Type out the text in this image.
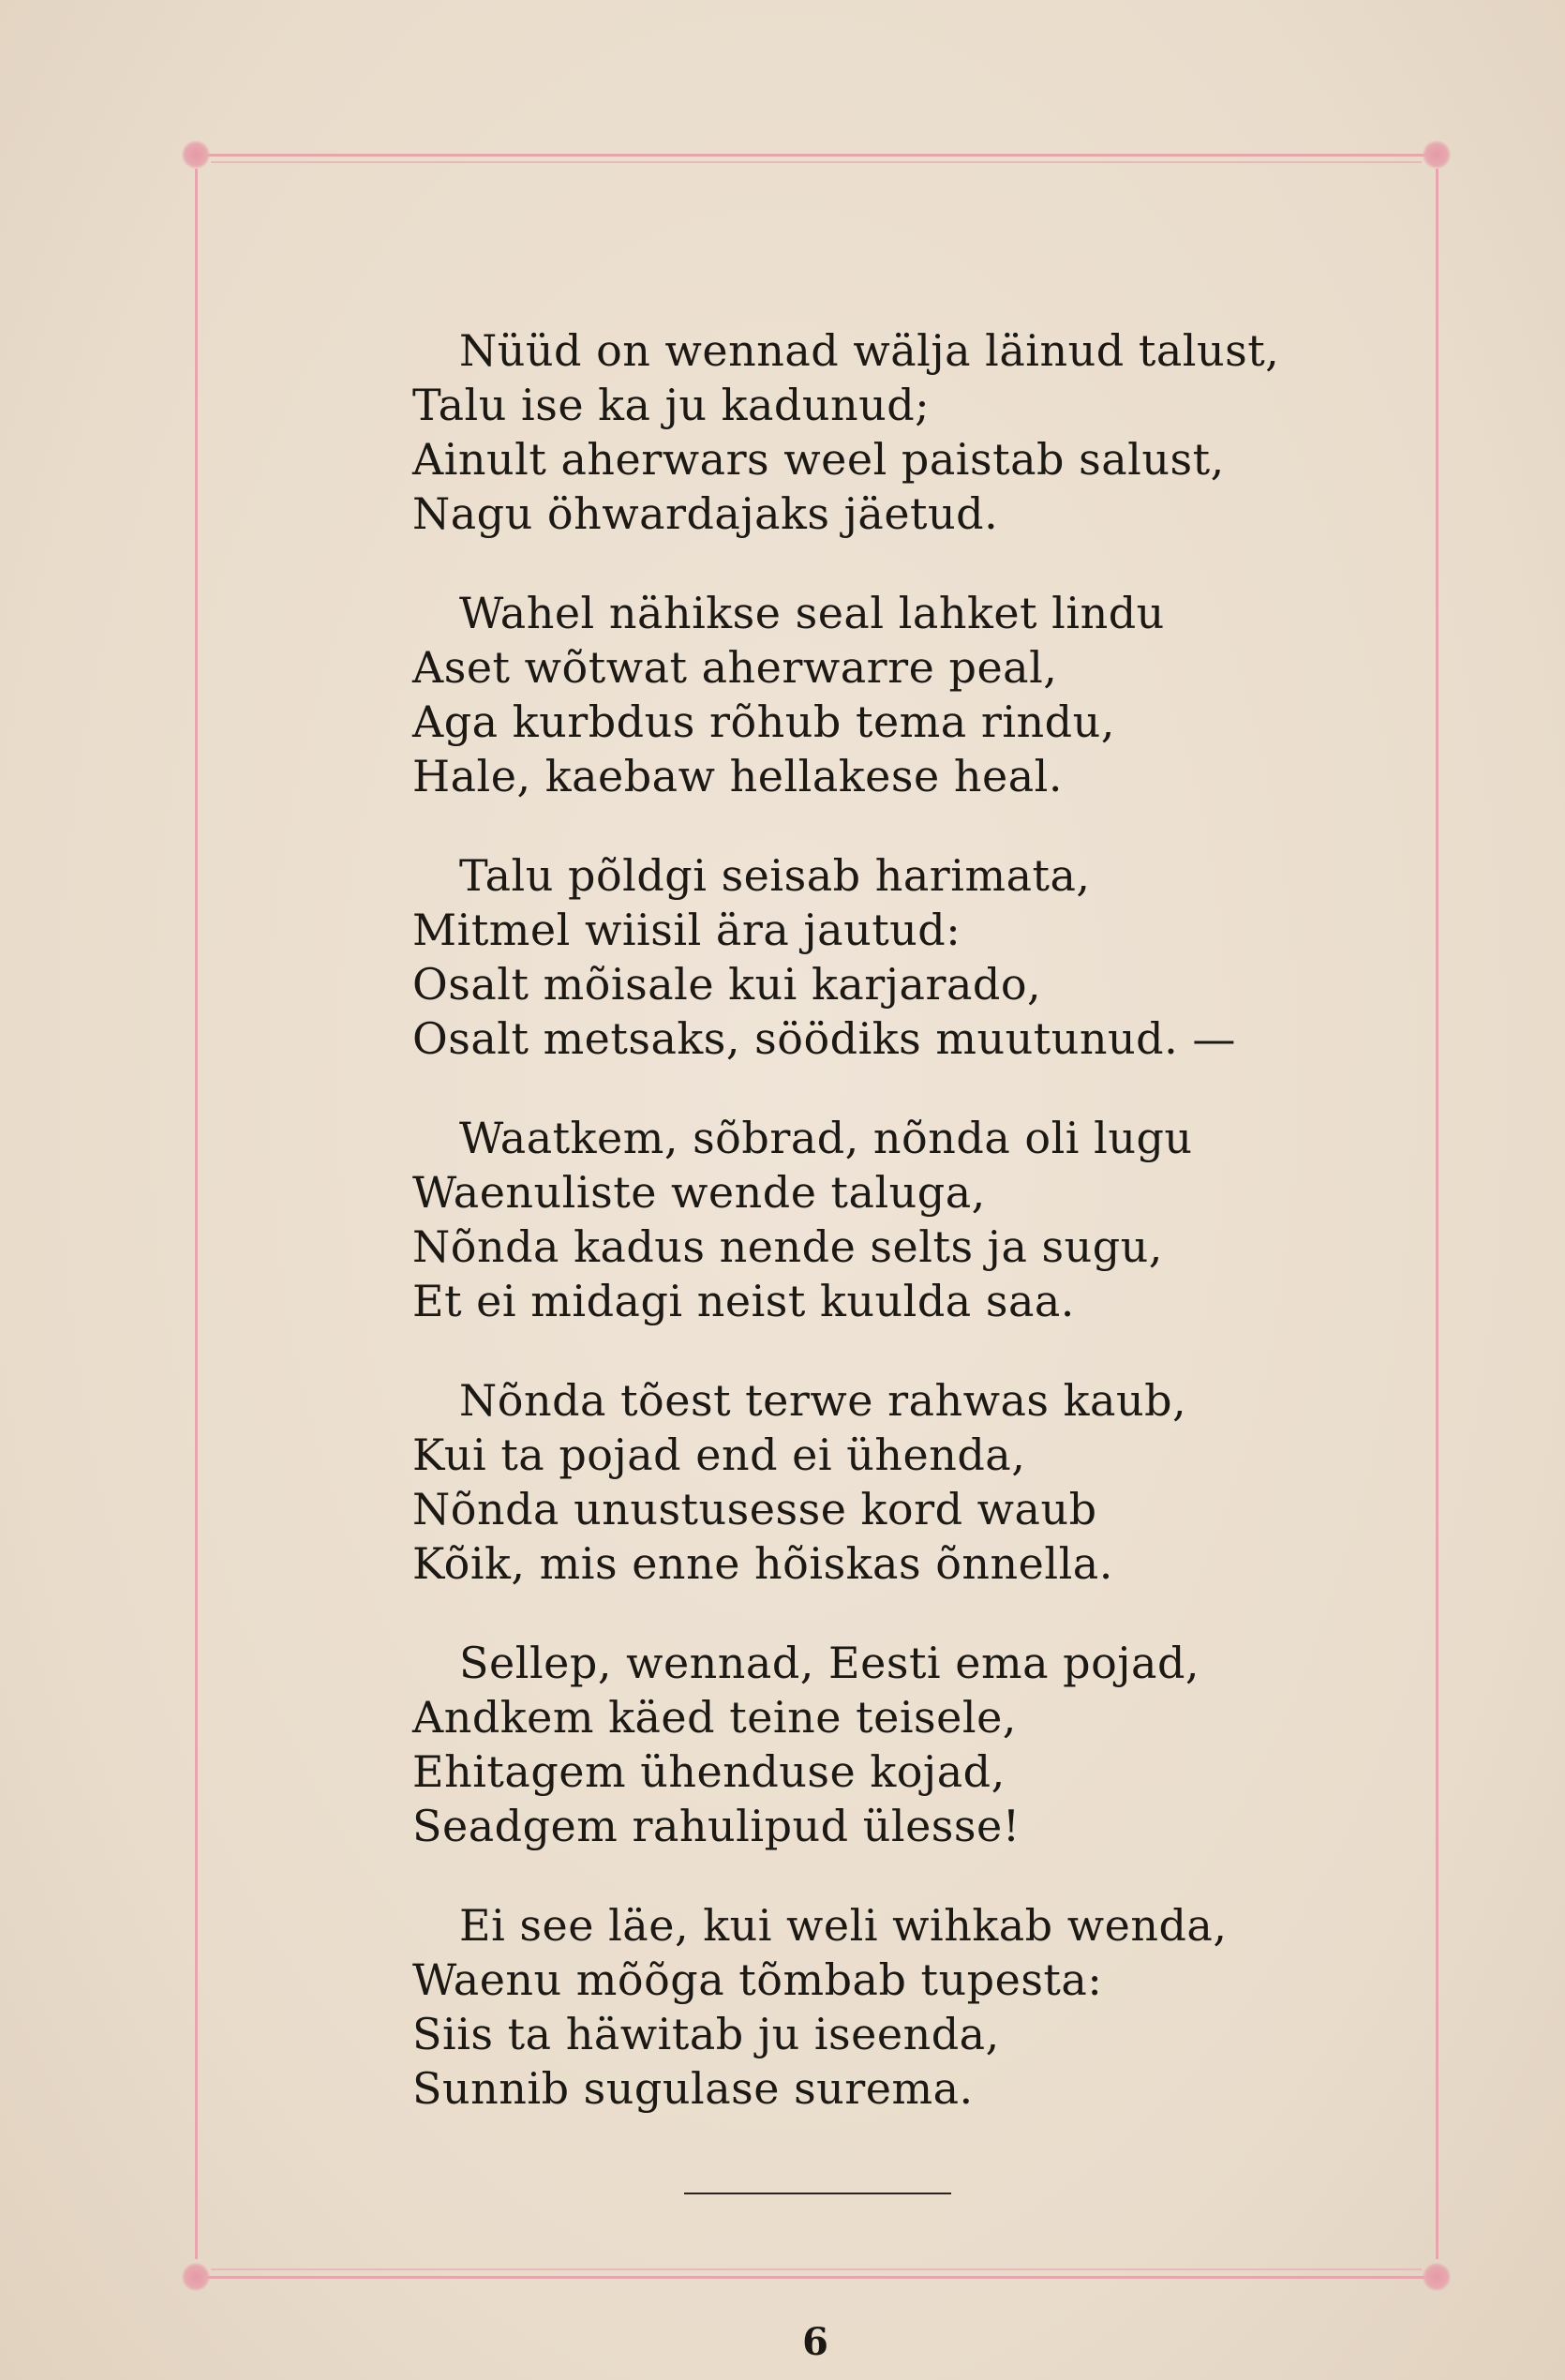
Nüüd on wennad wälja läinud talust,
Talu ise ka ju kadunud;
Ainult aherwars weel paistab salust,
Nagu öhwardajaks jäetud.
Wahel nähikse seal lahket lindu
Aset wõtwat aherwarre peal,
Aga kurbdus rõhub tema rindu,
Hale, kaebaw hellakese heal.
Talu põldgi seisab harimata,
Mitmel wiisil ära jautud:
Osalt mõisale kui karjarado,
Osalt metsaks, söödiks muutunud. —
Waatkem, sõbrad, nõnda oli lugu
Waenuliste wende taluga,
Nõnda kadus nende selts ja sugu,
Et ei midagi neist kuulda saa.
Nõnda tõest terwe rahwas kaub,
Kui ta pojad end ei ühenda,
Nõnda unustusesse kord waub
Kõik, mis enne hõiskas õnnella.
Sellep, wennad, Eesti ema pojad,
Andkem käed teine teisele,
Ehitagem ühenduse kojad,
Seadgem rahulipud ülesse!
Ei see läe, kui weli wihkab wenda,
Waenu mõõga tõmbab tupesta:
Siis ta häwitab ju iseenda,
Sunnib sugulase surema.
6
